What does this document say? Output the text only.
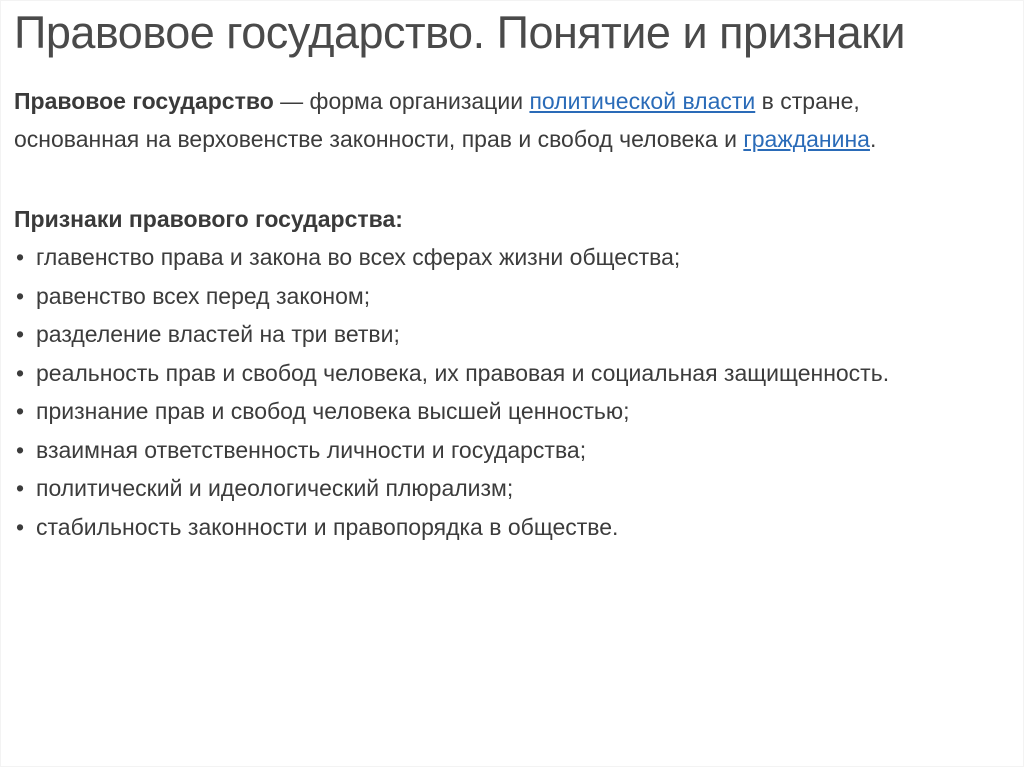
Правовое государство. Понятие и признаки

Правовое государство — форма организации политической власти в стране,

основанная на верховенстве законности, прав и свобод человека и гражданина.

Признаки правового государства:

• главенство права и закона во всех сферах жизни общества;
• равенство всех перед законом;
• разделение властей на три ветви;
• реальность прав и свобод человека, их правовая и социальная защищенность.
• признание прав и свобод человека высшей ценностью;
• взаимная ответственность личности и государства;
• политический и идеологический плюрализм;
• стабильность законности и правопорядка в обществе.
